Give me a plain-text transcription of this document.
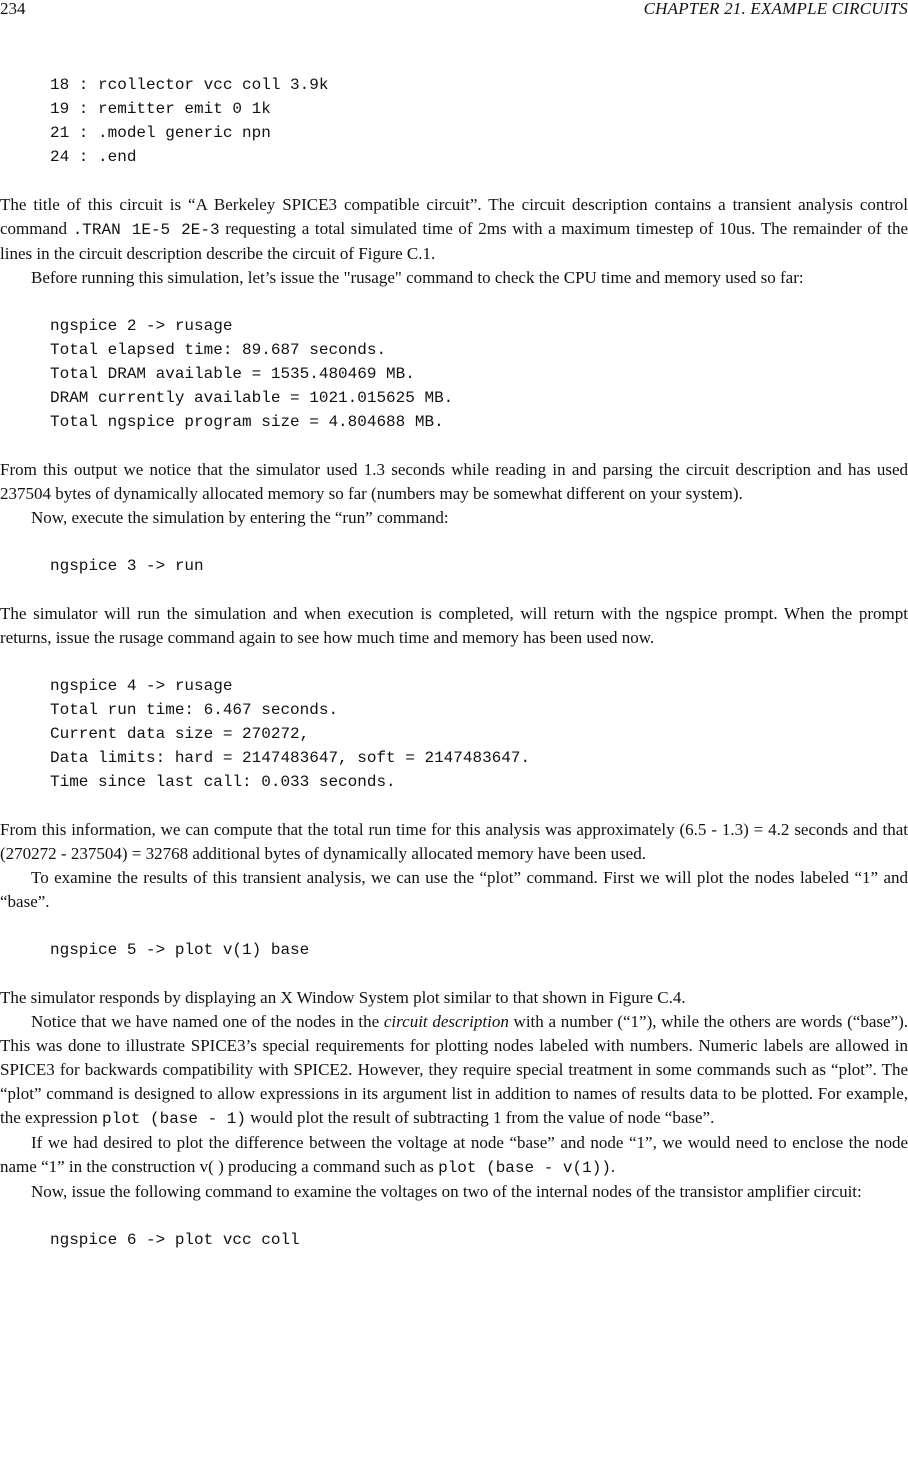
234	CHAPTER 21. EXAMPLE CIRCUITS
18 : rcollector vcc coll 3.9k
19 : remitter emit 0 1k
21 : .model generic npn
24 : .end

The title of this circuit is “A Berkeley SPICE3 compatible circuit”. The circuit description contains a transient analysis control command .TRAN 1E-5 2E-3 requesting a total simulated time of 2ms with a maximum timestep of 10us. The remainder of the lines in the circuit description describe the circuit of Figure C.1.

Before running this simulation, let’s issue the "rusage" command to check the CPU time and memory used so far:

ngspice 2 -> rusage
Total elapsed time: 89.687 seconds.
Total DRAM available = 1535.480469 MB.
DRAM currently available = 1021.015625 MB.
Total ngspice program size = 4.804688 MB.

From this output we notice that the simulator used 1.3 seconds while reading in and parsing the circuit description and has used 237504 bytes of dynamically allocated memory so far (numbers may be somewhat different on your system).

Now, execute the simulation by entering the “run” command:

ngspice 3 -> run

The simulator will run the simulation and when execution is completed, will return with the ngspice prompt. When the prompt returns, issue the rusage command again to see how much time and memory has been used now.

ngspice 4 -> rusage
Total run time: 6.467 seconds.
Current data size = 270272,
Data limits: hard = 2147483647, soft = 2147483647.
Time since last call: 0.033 seconds.

From this information, we can compute that the total run time for this analysis was approximately (6.5 - 1.3) = 4.2 seconds and that (270272 - 237504) = 32768 additional bytes of dynamically allocated memory have been used.

To examine the results of this transient analysis, we can use the “plot” command. First we will plot the nodes labeled “1” and “base”.

ngspice 5 -> plot v(1) base

The simulator responds by displaying an X Window System plot similar to that shown in Figure C.4.

Notice that we have named one of the nodes in the circuit description with a number (“1”), while the others are words (“base”). This was done to illustrate SPICE3’s special requirements for plotting nodes labeled with numbers. Numeric labels are allowed in SPICE3 for backwards compatibility with SPICE2. However, they require special treatment in some commands such as “plot”. The “plot” command is designed to allow expressions in its argument list in addition to names of results data to be plotted. For example, the expression plot (base - 1) would plot the result of subtracting 1 from the value of node “base”.

If we had desired to plot the difference between the voltage at node “base” and node “1”, we would need to enclose the node name “1” in the construction v( ) producing a command such as plot (base - v(1)).

Now, issue the following command to examine the voltages on two of the internal nodes of the transistor amplifier circuit:

ngspice 6 -> plot vcc coll
